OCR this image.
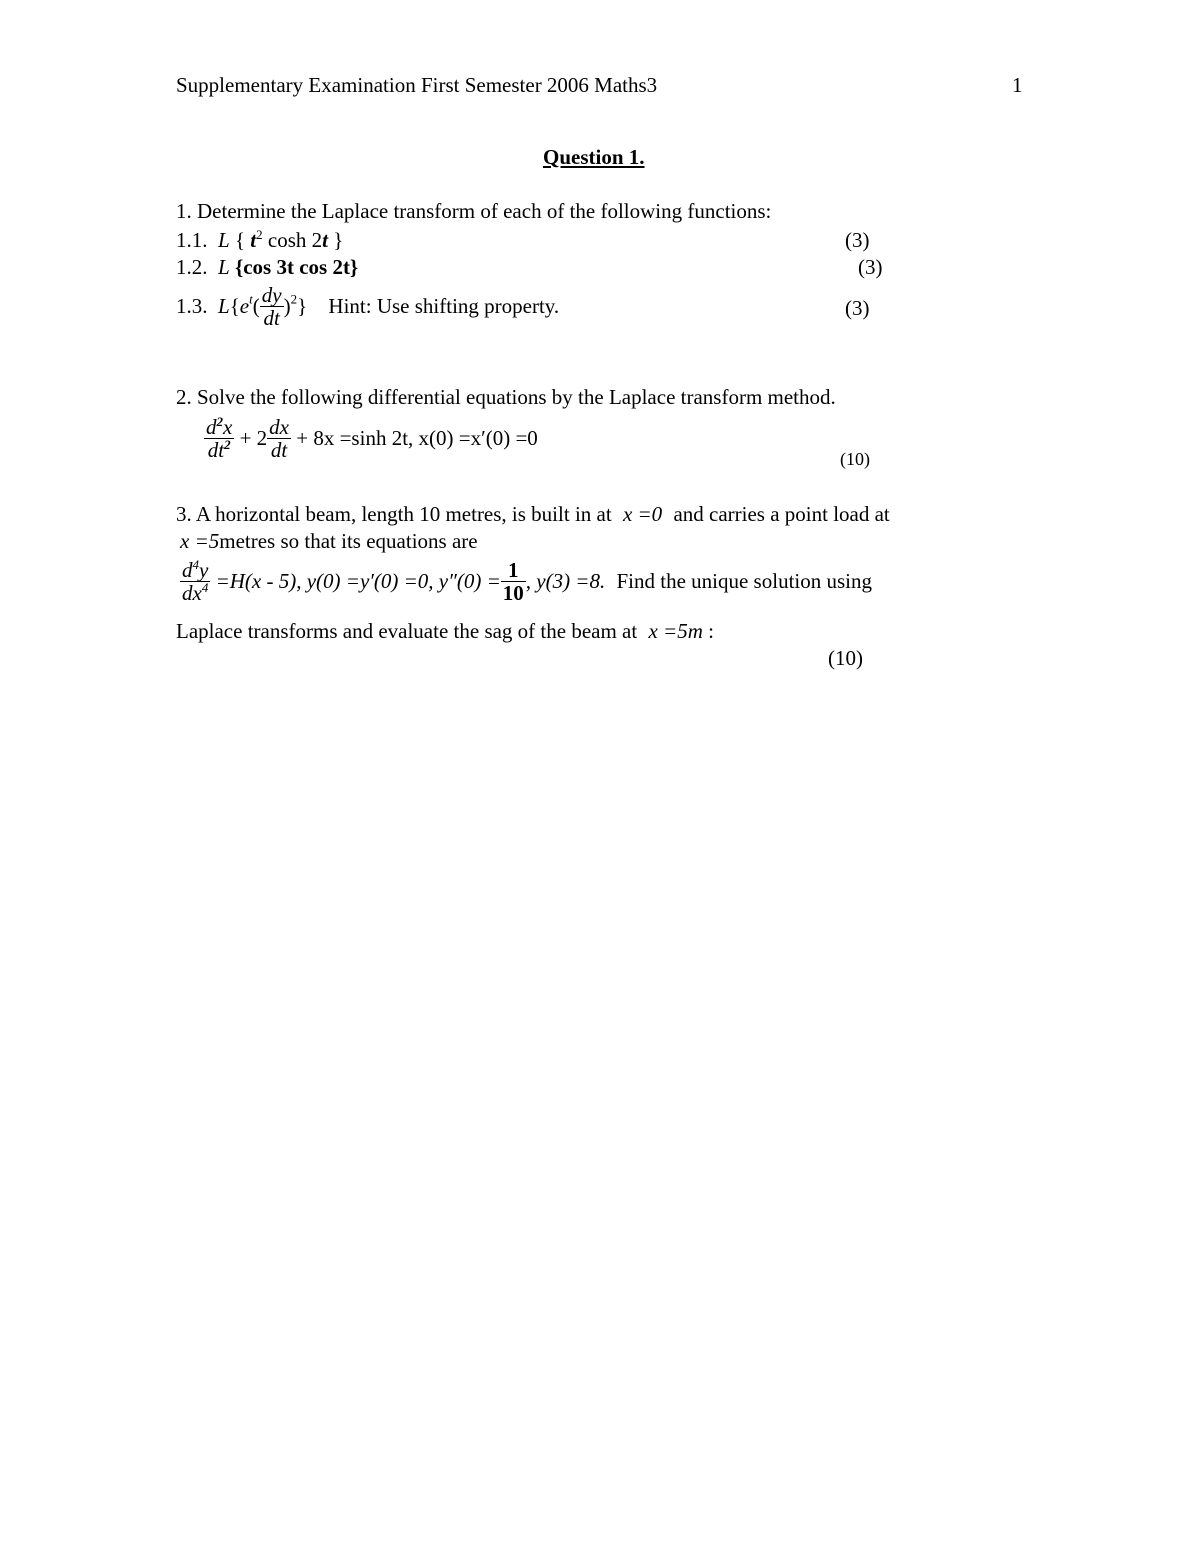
Supplementary Examination First Semester 2006 Maths3	1
Question 1.
1. Determine the Laplace transform of each of the following functions:
1.1. L { $t^2$ cosh 2t }	(3)
1.2. L {cos 3t cos 2t}	(3)
1.3. $L\{e^t( \frac{dy}{dt} )^2\}$ Hint: Use shifting property.	(3)
2. Solve the following differential equations by the Laplace transform method.
$\frac{d^2x}{dt^2} + 2 \frac{dx}{dt} + 8x =\sinh$ 2t, x(0) =x′(0) =0
(10)
3. A horizontal beam, length 10 metres, is built in at x =0 and carries a point load at
x =5metres so that its equations are
$\frac{d^4y}{dx^4} =H(x - 5)$, y(0) =y′(0) =0, $y''(0) = \frac{1}{10}$ , y(3) =8. Find the unique solution using
Laplace transforms and evaluate the sag of the beam at x =5m :
(10)
